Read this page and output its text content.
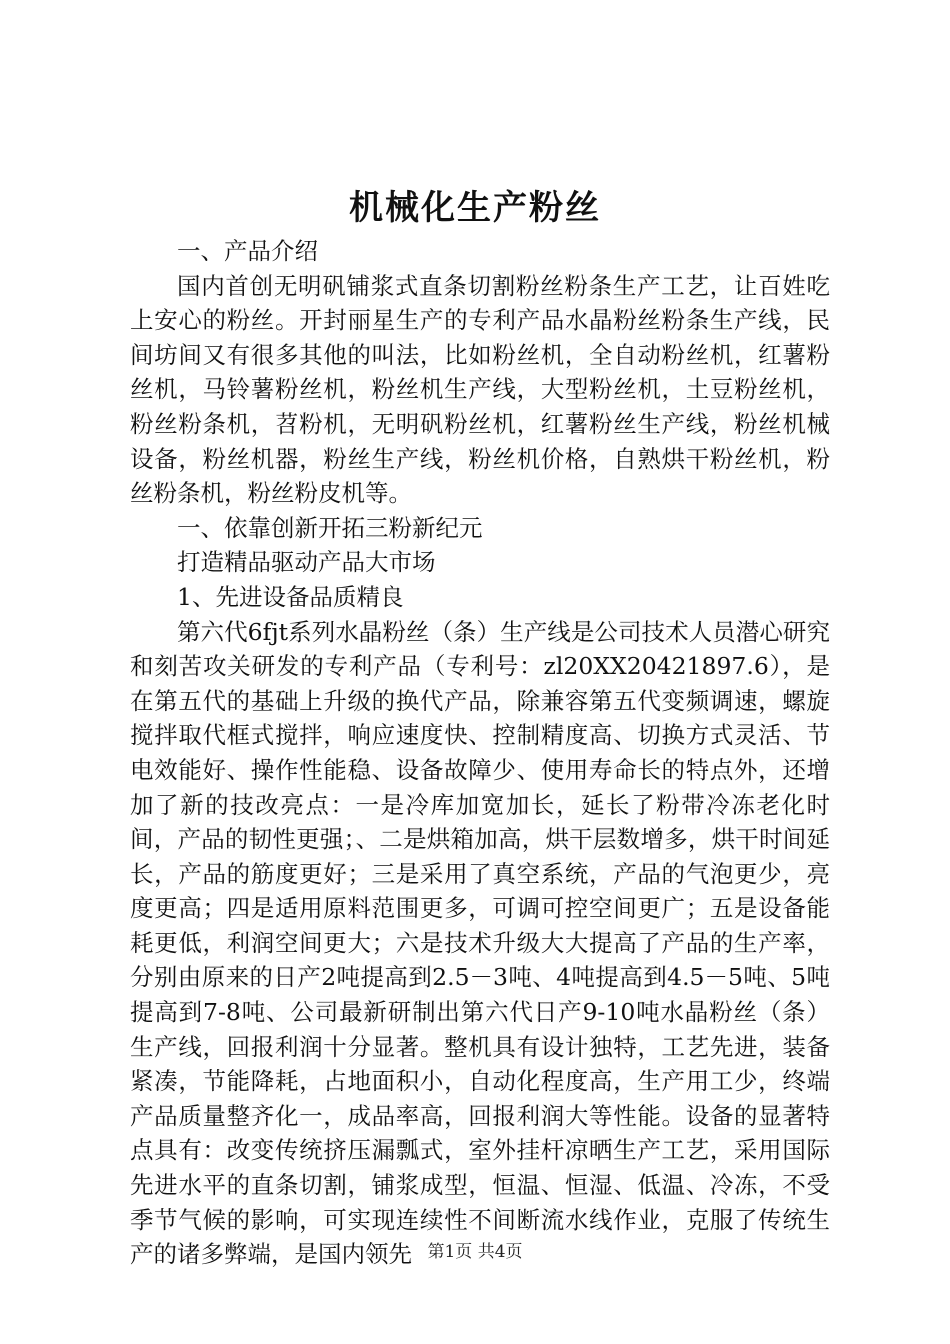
机械化生产粉丝

一、产品介绍

国内首创无明矾铺浆式直条切割粉丝粉条生产工艺，让百姓吃上安心的粉丝。开封丽星生产的专利产品水晶粉丝粉条生产线，民间坊间又有很多其他的叫法，比如粉丝机，全自动粉丝机，红薯粉丝机，马铃薯粉丝机，粉丝机生产线，大型粉丝机，土豆粉丝机，粉丝粉条机，苕粉机，无明矾粉丝机，红薯粉丝生产线，粉丝机械设备，粉丝机器，粉丝生产线，粉丝机价格，自熟烘干粉丝机，粉丝粉条机，粉丝粉皮机等。

一、依靠创新开拓三粉新纪元

打造精品驱动产品大市场

1、先进设备品质精良

第六代6fjt系列水晶粉丝（条）生产线是公司技术人员潜心研究和刻苦攻关研发的专利产品（专利号：zl20XX20421897.6），是在第五代的基础上升级的换代产品，除兼容第五代变频调速，螺旋搅拌取代框式搅拌，响应速度快、控制精度高、切换方式灵活、节电效能好、操作性能稳、设备故障少、使用寿命长的特点外，还增加了新的技改亮点：一是冷库加宽加长，延长了粉带冷冻老化时间，产品的韧性更强；、二是烘箱加高，烘干层数增多，烘干时间延长，产品的筋度更好；三是采用了真空系统，产品的气泡更少，亮度更高；四是适用原料范围更多，可调可控空间更广；五是设备能耗更低，利润空间更大；六是技术升级大大提高了产品的生产率，分别由原来的日产2吨提高到2.5－3吨、4吨提高到4.5－5吨、5吨提高到7-8吨、公司最新研制出第六代日产9-10吨水晶粉丝（条）生产线，回报利润十分显著。整机具有设计独特，工艺先进，装备紧凑，节能降耗，占地面积小，自动化程度高，生产用工少，终端产品质量整齐化一，成品率高，回报利润大等性能。设备的显著特点具有：改变传统挤压漏瓢式，室外挂杆凉晒生产工艺，采用国际先进水平的直条切割，铺浆成型，恒温、恒湿、低温、冷冻，不受季节气候的影响，可实现连续性不间断流水线作业，克服了传统生产的诸多弊端，是国内领先 第1页 共4页
